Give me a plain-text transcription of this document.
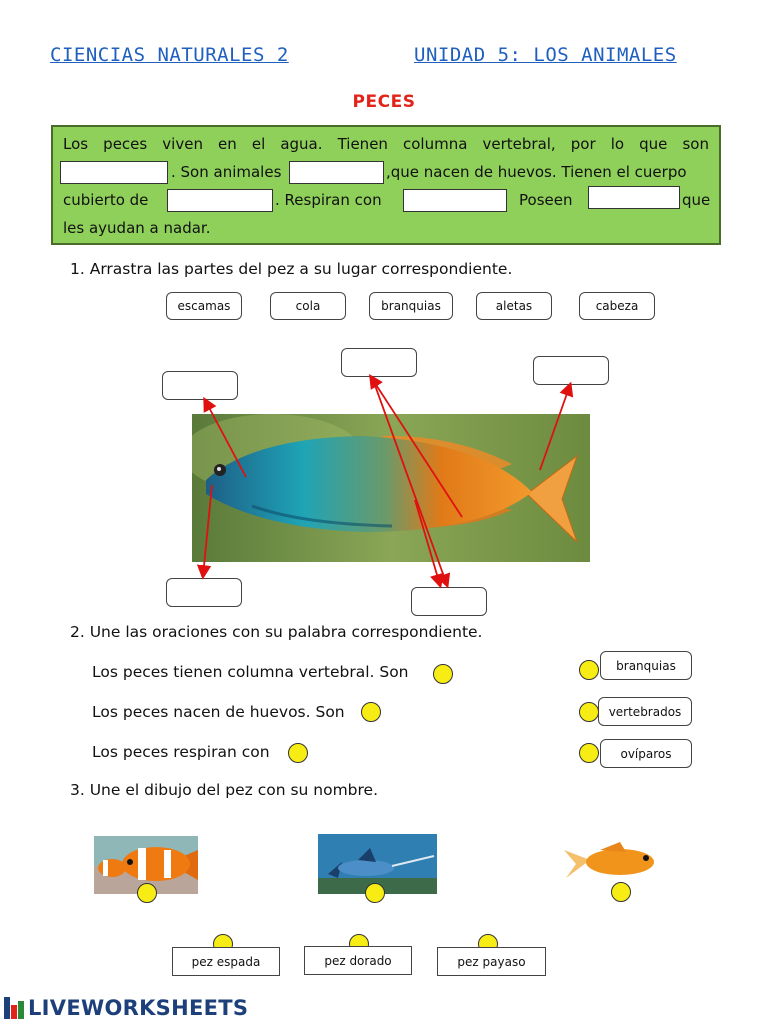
CIENCIAS NATURALES 2	UNIDAD 5: LOS ANIMALES
PECES
Los peces viven en el agua. Tienen columna vertebral, por lo que son
. Son animales	,que nacen de huevos. Tienen el cuerpo
cubierto de	. Respiran con	Poseen	que
les ayudan a nadar.
1. Arrastra las partes del pez a su lugar correspondiente.
escamas	cola	branquias	aletas	cabeza
2. Une las oraciones con su palabra correspondiente.
Los peces tienen columna vertebral. Son
Los peces nacen de huevos. Son
Los peces respiran con
branquias
vertebrados
ovíparos
3. Une el dibujo del pez con su nombre.
pez espada	pez dorado	pez payaso
LIVEWORKSHEETS
